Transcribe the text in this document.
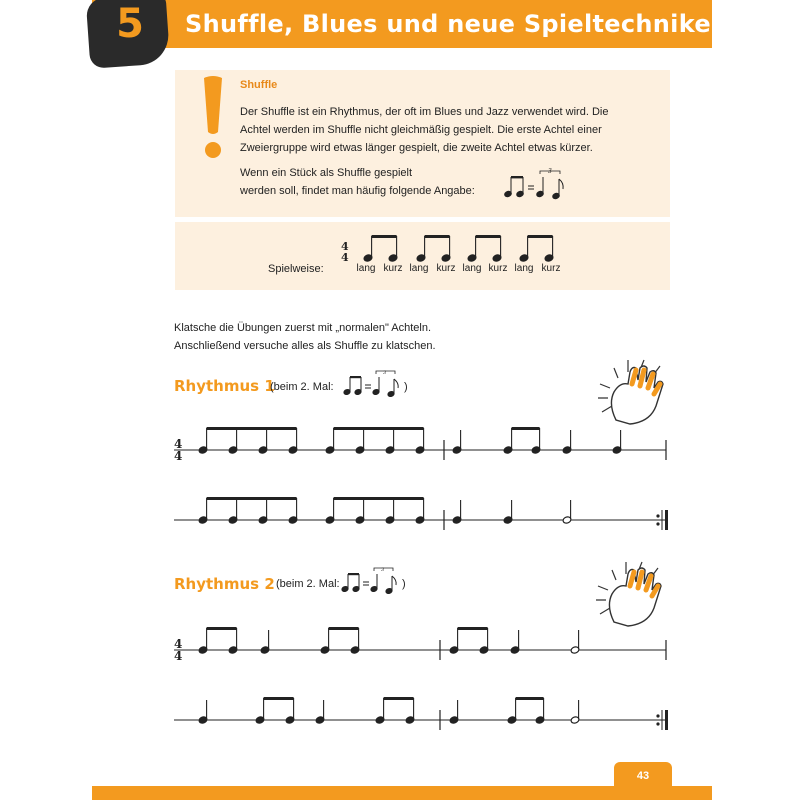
5 Shuffle, Blues und neue Spieltechniken
Shuffle
Der Shuffle ist ein Rhythmus, der oft im Blues und Jazz verwendet wird. Die Achtel werden im Shuffle nicht gleichmäßig gespielt. Die erste Achtel einer Zweiergruppe wird etwas länger gespielt, die zweite Achtel etwas kürzer.
Wenn ein Stück als Shuffle gespielt
werden soll, findet man häufig folgende Angabe:
3
Spielweise:
4
4
lang kurz lang kurz lang kurz lang kurz
Klatsche die Übungen zuerst mit „normalen" Achteln.
Anschließend versuche alles als Shuffle zu klatschen.
Rhythmus 1
(beim 2. Mal:
3
)
4
4
Rhythmus 2 (beim 2. Mal:
3
)
4
4
43
